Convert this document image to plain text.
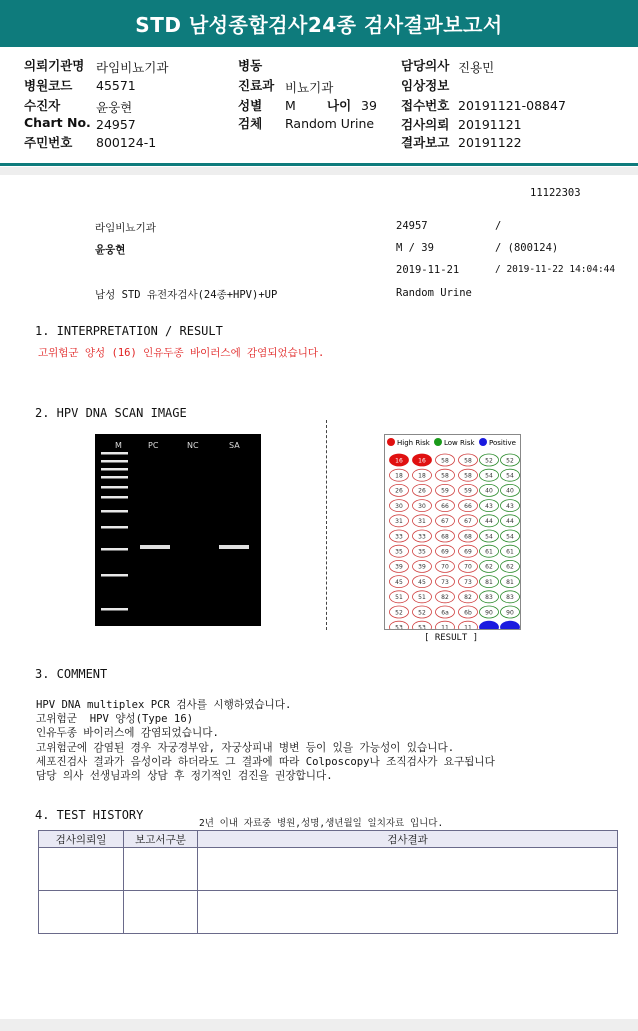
STD 남성종합검사24종 검사결과보고서
의뢰기관명 라임비뇨기과
병원코드 45571
수진자	윤웅현
Chart No. 24957
주민번호 800124-1
병동
진료과 비뇨기과
성별 M 나이 39
검체 Random Urine
담당의사 진용민
임상정보
접수번호 20191121-08847
검사의뢰 20191121
결과보고 20191122
11122303
라임비뇨기과	24957	/
윤웅현	M / 39	/ (800124)
2019-11-21	/ 2019-11-22 14:04:44
남성 STD 유전자검사(24종+HPV)+UP	Random Urine
1. INTERPRETATION / RESULT
고위험군 양성 (16) 인유두종 바이러스에 감염되었습니다.
2. HPV DNA SCAN IMAGE
M	PC	NC	SA	High Risk Low Risk Positive
16	16	58	58 52 52
18	18	58	58 54 54
26	26	59	59 40 40
30	30	66	66 43 43
31	31	67	67 44 44
33	33	68	68 54 54
35	35	69	69 61 61
39	39	70	70 62 62
45	45	73	73 81 81
51	51	82	82 83 83
52	52	6a	6b 90 90
53	53	11	11
[ RESULT ]
3. COMMENT
HPV DNA multiplex PCR 검사를 시행하였습니다.
고위험군  HPV 양성(Type 16)
인유두종 바이러스에 감염되었습니다.
고위험군에 감염된 경우 자궁경부암, 자궁상피내 병변 등이 있을 가능성이 있습니다.
세포진검사 결과가 음성이라 하더라도 그 결과에 따라 Colposcopy나 조직검사가 요구됩니다
담당 의사 선생님과의 상담 후 정기적인 검진을 권장합니다.
4. TEST HISTORY
2년 이내 자료중 병원,성명,생년월일 일치자료 입니다.
검사의뢰일	보고서구분	검사결과
